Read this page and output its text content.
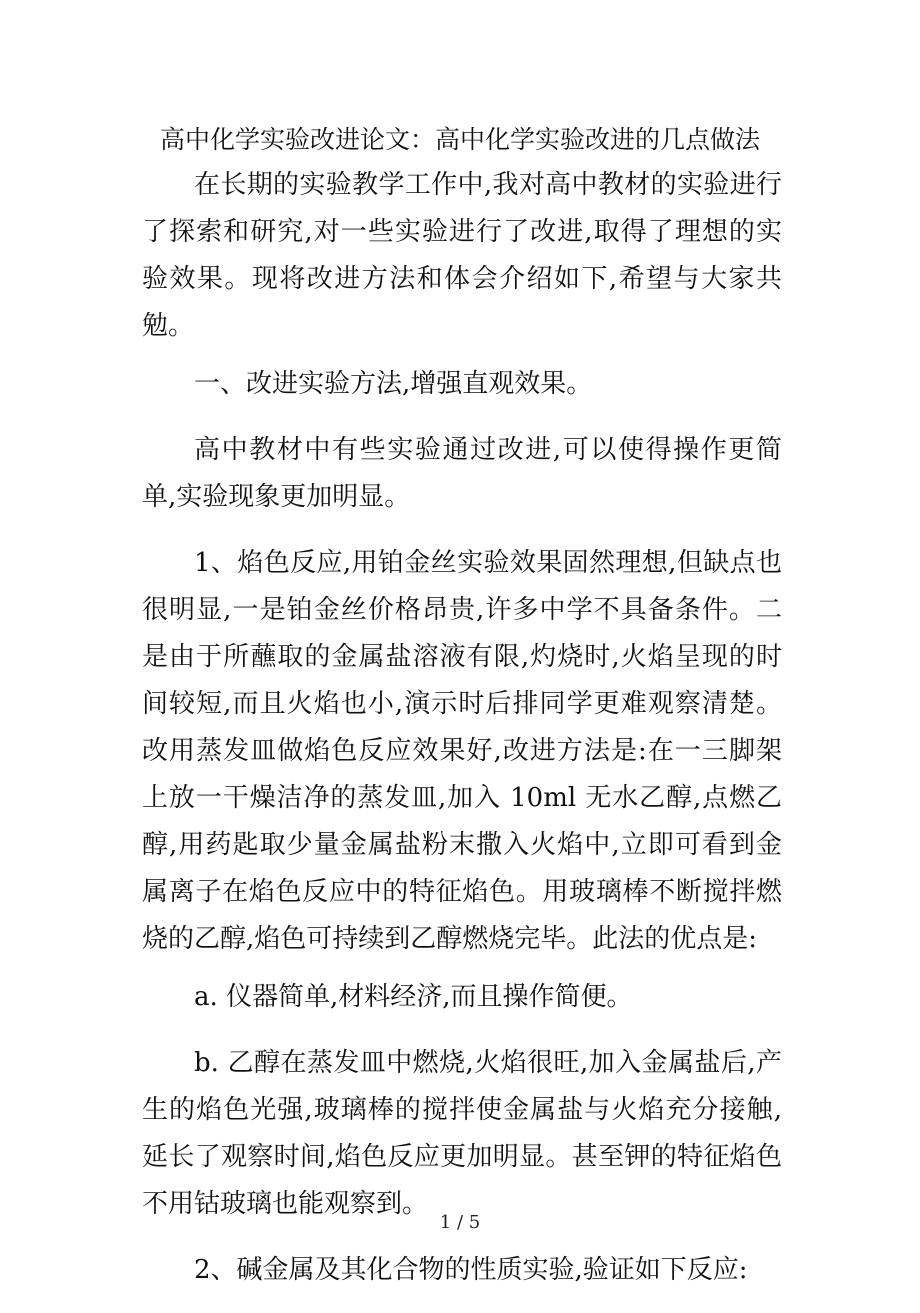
高中化学实验改进论文：高中化学实验改进的几点做法

在长期的实验教学工作中,我对高中教材的实验进行了探索和研究,对一些实验进行了改进,取得了理想的实验效果。现将改进方法和体会介绍如下,希望与大家共勉。

一、改进实验方法,增强直观效果。

高中教材中有些实验通过改进,可以使得操作更简单,实验现象更加明显。

1、焰色反应,用铂金丝实验效果固然理想,但缺点也很明显,一是铂金丝价格昂贵,许多中学不具备条件。二是由于所蘸取的金属盐溶液有限,灼烧时,火焰呈现的时间较短,而且火焰也小,演示时后排同学更难观察清楚。改用蒸发皿做焰色反应效果好,改进方法是:在一三脚架上放一干燥洁净的蒸发皿,加入 10ml 无水乙醇,点燃乙醇,用药匙取少量金属盐粉末撒入火焰中,立即可看到金属离子在焰色反应中的特征焰色。用玻璃棒不断搅拌燃烧的乙醇,焰色可持续到乙醇燃烧完毕。此法的优点是:

a. 仪器简单,材料经济,而且操作简便。

b. 乙醇在蒸发皿中燃烧,火焰很旺,加入金属盐后,产生的焰色光强,玻璃棒的搅拌使金属盐与火焰充分接触,延长了观察时间,焰色反应更加明显。甚至钾的特征焰色不用钴玻璃也能观察到。

2、碱金属及其化合物的性质实验,验证如下反应:

1 / 5
